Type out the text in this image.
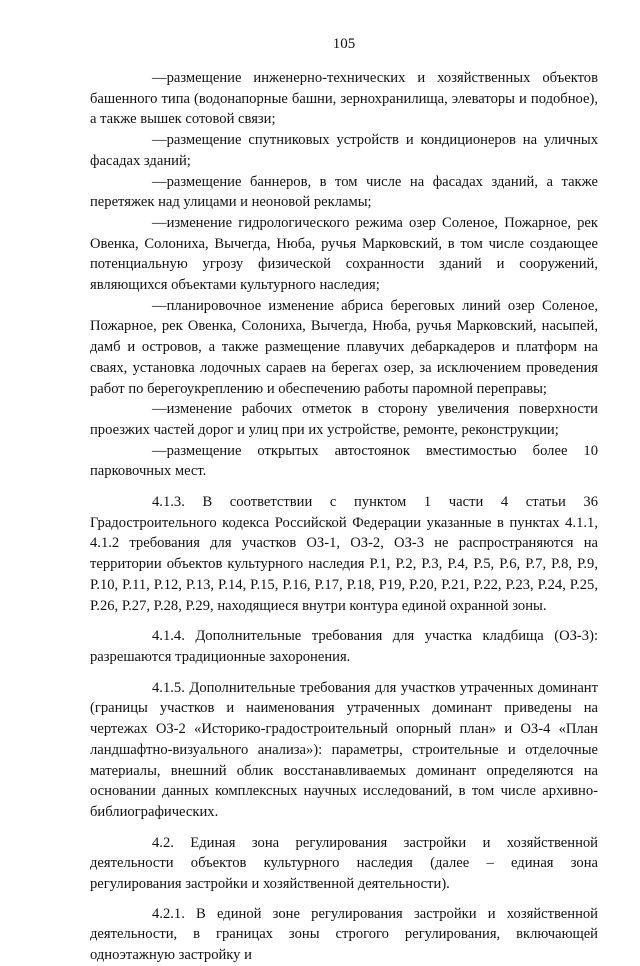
105

—размещение инженерно-технических и хозяйственных объектов башенного типа (водонапорные башни, зернохранилища, элеваторы и подобное), а также вышек сотовой связи;

—размещение спутниковых устройств и кондиционеров на уличных фасадах зданий;

—размещение баннеров, в том числе на фасадах зданий, а также перетяжек над улицами и неоновой рекламы;

—изменение гидрологического режима озер Соленое, Пожарное, рек Овенка, Солониха, Вычегда, Нюба, ручья Марковский, в том числе создающее потенциальную угрозу физической сохранности зданий и сооружений, являющихся объектами культурного наследия;

—планировочное изменение абриса береговых линий озер Соленое, Пожарное, рек Овенка, Солониха, Вычегда, Нюба, ручья Марковский, насыпей, дамб и островов, а также размещение плавучих дебаркадеров и платформ на сваях, установка лодочных сараев на берегах озер, за исключением проведения работ по берегоукреплению и обеспечению работы паромной переправы;

—изменение рабочих отметок в сторону увеличения поверхности проезжих частей дорог и улиц при их устройстве, ремонте, реконструкции;

—размещение открытых автостоянок вместимостью более 10 парковочных мест.

4.1.3. В соответствии с пунктом 1 части 4 статьи 36 Градостроительного кодекса Российской Федерации указанные в пунктах 4.1.1, 4.1.2 требования для участков ОЗ-1, ОЗ-2, ОЗ-3 не распространяются на территории объектов культурного наследия Р.1, Р.2, Р.3, Р.4, Р.5, Р.6, Р.7, Р.8, Р.9, Р.10, Р.11, Р.12, Р.13, Р.14, Р.15, Р.16, Р.17, Р.18, Р19, Р.20, Р.21, Р.22, Р.23, Р.24, Р.25, Р.26, Р.27, Р.28, Р.29, находящиеся внутри контура единой охранной зоны.

4.1.4. Дополнительные требования для участка кладбища (ОЗ-3): разрешаются традиционные захоронения.

4.1.5. Дополнительные требования для участков утраченных доминант (границы участков и наименования утраченных доминант приведены на чертежах ОЗ-2 «Историко-градостроительный опорный план» и ОЗ-4 «План ландшафтно-визуального анализа»): параметры, строительные и отделочные материалы, внешний облик восстанавливаемых доминант определяются на основании данных комплексных научных исследований, в том числе архивно-библиографических.

4.2. Единая зона регулирования застройки и хозяйственной деятельности объектов культурного наследия (далее – единая зона регулирования застройки и хозяйственной деятельности).

4.2.1. В единой зоне регулирования застройки и хозяйственной деятельности, в границах зоны строгого регулирования, включающей одноэтажную застройку и
